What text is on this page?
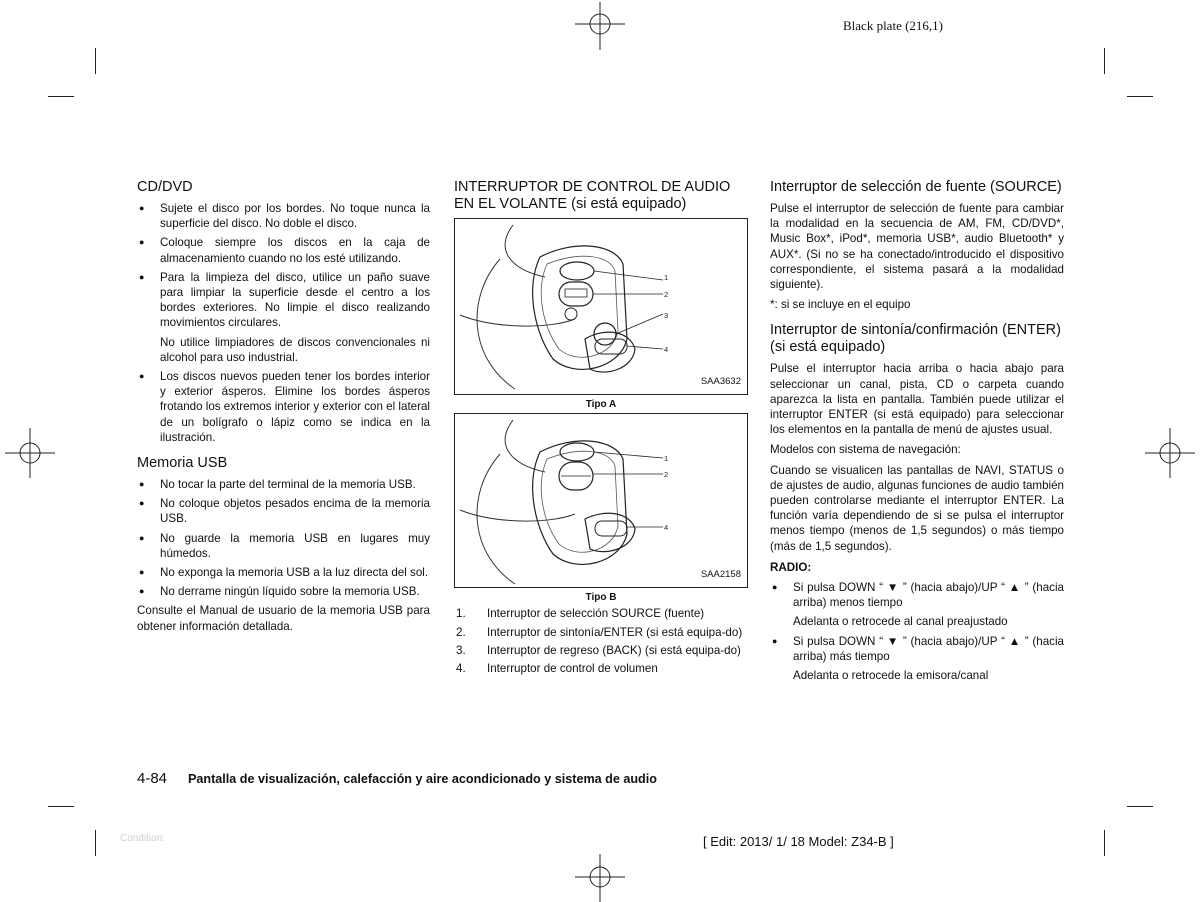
Black plate (216,1)
CD/DVD
● Sujete el disco por los bordes. No toque nunca la superficie del disco. No doble el disco.
● Coloque siempre los discos en la caja de almacenamiento cuando no los esté utilizando.
● Para la limpieza del disco, utilice un paño suave para limpiar la superficie desde el centro a los bordes exteriores. No limpie el disco realizando movimientos circulares.
No utilice limpiadores de discos convencionales ni alcohol para uso industrial.
● Los discos nuevos pueden tener los bordes interior y exterior ásperos. Elimine los bordes ásperos frotando los extremos interior y exterior con el lateral de un bolígrafo o lápiz como se indica en la ilustración.
Memoria USB
● No tocar la parte del terminal de la memoria USB.
● No coloque objetos pesados encima de la memoria USB.
● No guarde la memoria USB en lugares muy húmedos.
● No exponga la memoria USB a la luz directa del sol.
● No derrame ningún líquido sobre la memoria USB.

Consulte el Manual de usuario de la memoria USB para obtener información detallada.

INTERRUPTOR DE CONTROL DE AUDIO EN EL VOLANTE (si está equipado)
1
2
3
4
SAA3632
Tipo A
1
2
4
SAA2158
Tipo B
1. Interruptor de selección SOURCE (fuente)
2. Interruptor de sintonía/ENTER (si está equipa-do)
3. Interruptor de regreso (BACK) (si está equipa-do)
4. Interruptor de control de volumen
Interruptor de selección de fuente (SOURCE)

Pulse el interruptor de selección de fuente para cambiar la modalidad en la secuencia de AM, FM, CD/DVD*, Music Box*, iPod*, memoria USB*, audio Bluetooth* y AUX*. (Si no se ha conectado/introducido el dispositivo correspondiente, el sistema pasará a la modalidad siguiente).

*: si se incluye en el equipo

Interruptor de sintonía/confirmación (ENTER) (si está equipado)

Pulse el interruptor hacia arriba o hacia abajo para seleccionar un canal, pista, CD o carpeta cuando aparezca la lista en pantalla. También puede utilizar el interruptor ENTER (si está equipado) para seleccionar los elementos en la pantalla de menú de ajustes usual.

Modelos con sistema de navegación:

Cuando se visualicen las pantallas de NAVI, STATUS o de ajustes de audio, algunas funciones de audio también pueden controlarse mediante el interruptor ENTER. La función varía dependiendo de si se pulsa el interruptor menos tiempo (menos de 1,5 segundos) o más tiempo (más de 1,5 segundos).

RADIO:

● Si pulsa DOWN “ ▼ ” (hacia abajo)/UP “ ▲ ” (hacia arriba) menos tiempo
Adelanta o retrocede al canal preajustado
● Si pulsa DOWN “ ▼ ” (hacia abajo)/UP “ ▲ ” (hacia arriba) más tiempo
Adelanta o retrocede la emisora/canal
4-84 Pantalla de visualización, calefacción y aire acondicionado y sistema de audio
Condition:	[ Edit: 2013/ 1/ 18 Model: Z34-B ]
